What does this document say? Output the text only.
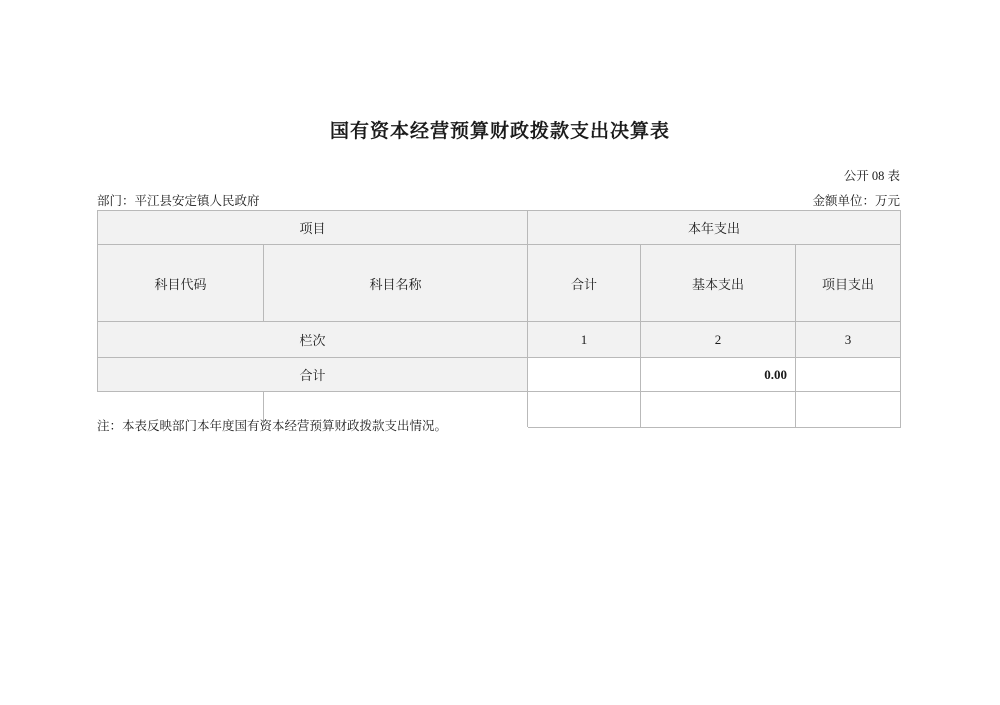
国有资本经营预算财政拨款支出决算表
公开 08 表
部门：平江县安定镇人民政府	金额单位：万元
项目		本年支出		
科目代码	科目名称	合计	基本支出	项目支出
栏次		1	2	3
合计			0.00	

注：本表反映部门本年度国有资本经营预算财政拨款支出情况。
